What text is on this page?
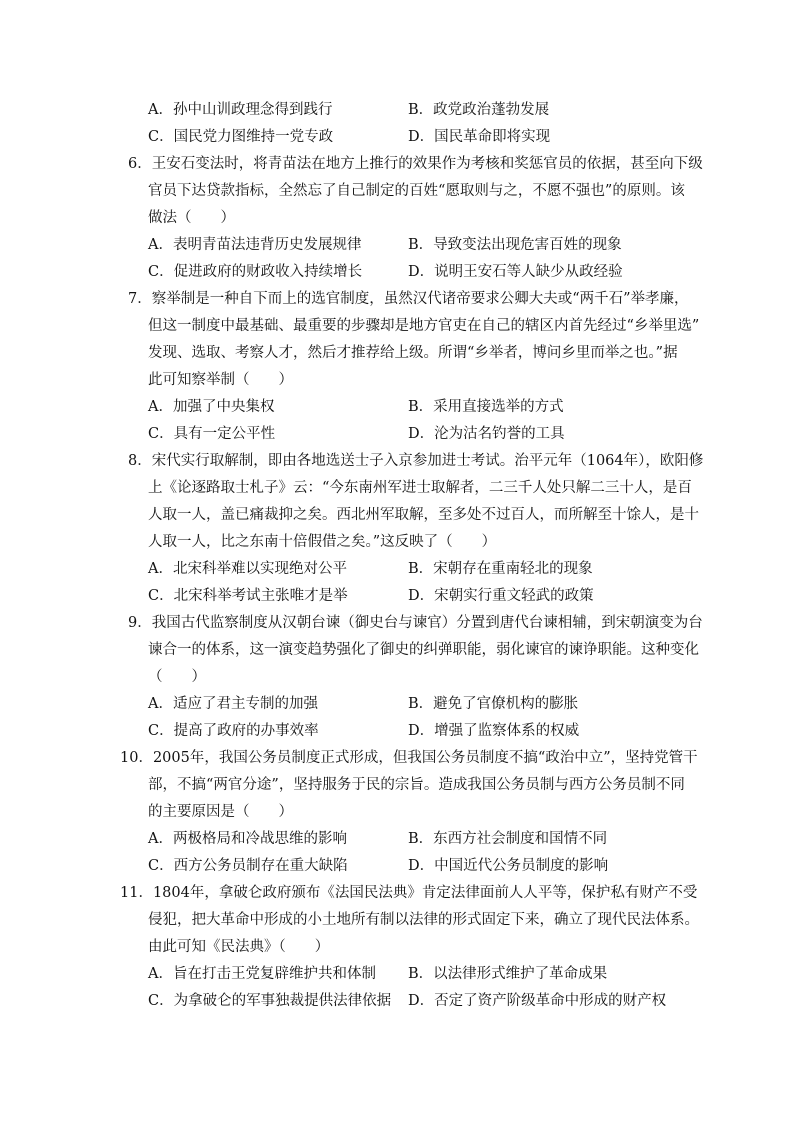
A．孙中山训政理念得到践行	B．政党政治蓬勃发展
C．国民党力图维持一党专政	D．国民革命即将实现
6．王安石变法时，将青苗法在地方上推行的效果作为考核和奖惩官员的依据，甚至向下级
官员下达贷款指标，全然忘了自己制定的百姓“愿取则与之，不愿不强也”的原则。该
做法（　　）
A．表明青苗法违背历史发展规律	B．导致变法出现危害百姓的现象
C．促进政府的财政收入持续增长	D．说明王安石等人缺少从政经验
7．察举制是一种自下而上的选官制度，虽然汉代诸帝要求公卿大夫或“两千石”举孝廉，
但这一制度中最基础、最重要的步骤却是地方官吏在自己的辖区内首先经过“乡举里选”
发现、选取、考察人才，然后才推荐给上级。所谓“乡举者，博问乡里而举之也。”据
此可知察举制（　　）
A．加强了中央集权	B．采用直接选举的方式
C．具有一定公平性	D．沦为沽名钓誉的工具
8．宋代实行取解制，即由各地选送士子入京参加进士考试。治平元年（1064年），欧阳修
上《论逐路取士札子》云：“今东南州军进士取解者，二三千人处只解二三十人，是百
人取一人，盖已痛裁抑之矣。西北州军取解，至多处不过百人，而所解至十馀人，是十
人取一人，比之东南十倍假借之矣。”这反映了（　　）
A．北宋科举难以实现绝对公平	B．宋朝存在重南轻北的现象
C．北宋科举考试主张唯才是举	D．宋朝实行重文轻武的政策
9．我国古代监察制度从汉朝台谏（御史台与谏官）分置到唐代台谏相辅，到宋朝演变为台
谏合一的体系，这一演变趋势强化了御史的纠弹职能，弱化谏官的谏诤职能。这种变化
（　　）
A．适应了君主专制的加强	B．避免了官僚机构的膨胀
C．提高了政府的办事效率	D．增强了监察体系的权威
10．2005年，我国公务员制度正式形成，但我国公务员制度不搞“政治中立”，坚持党管干
部，不搞“两官分途”，坚持服务于民的宗旨。造成我国公务员制与西方公务员制不同
的主要原因是（　　）
A．两极格局和冷战思维的影响	B．东西方社会制度和国情不同
C．西方公务员制存在重大缺陷	D．中国近代公务员制度的影响
11．1804年，拿破仑政府颁布《法国民法典》肯定法律面前人人平等，保护私有财产不受
侵犯，把大革命中形成的小土地所有制以法律的形式固定下来，确立了现代民法体系。
由此可知《民法典》（　　）
A．旨在打击王党复辟维护共和体制 B．以法律形式维护了革命成果
C．为拿破仑的军事独裁提供法律依据 D．否定了资产阶级革命中形成的财产权
